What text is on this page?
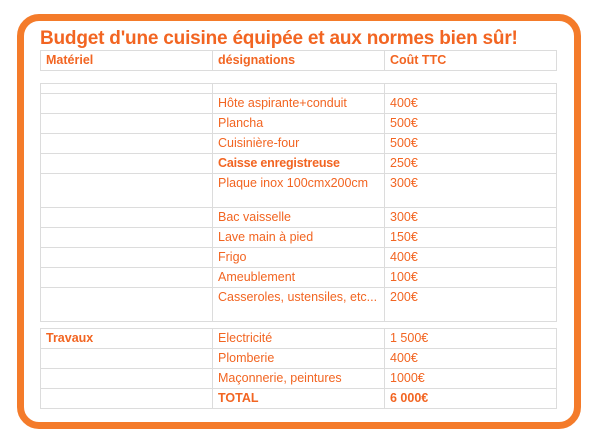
Budget d'une cuisine équipée et aux normes bien sûr!
Matériel	désignations	Coût TTC

	Hôte aspirante+conduit	400€
	Plancha	500€
	Cuisinière-four	500€
	Caisse enregistreuse	250€
	Plaque inox 100cmx200cm	300€
	Bac vaisselle	300€
	Lave main à pied	150€
	Frigo	400€
	Ameublement	100€
	Casseroles, ustensiles, etc...	200€
Travaux	Electricité	1 500€
	Plomberie	400€
	Maçonnerie, peintures	1000€
	TOTAL	6 000€
